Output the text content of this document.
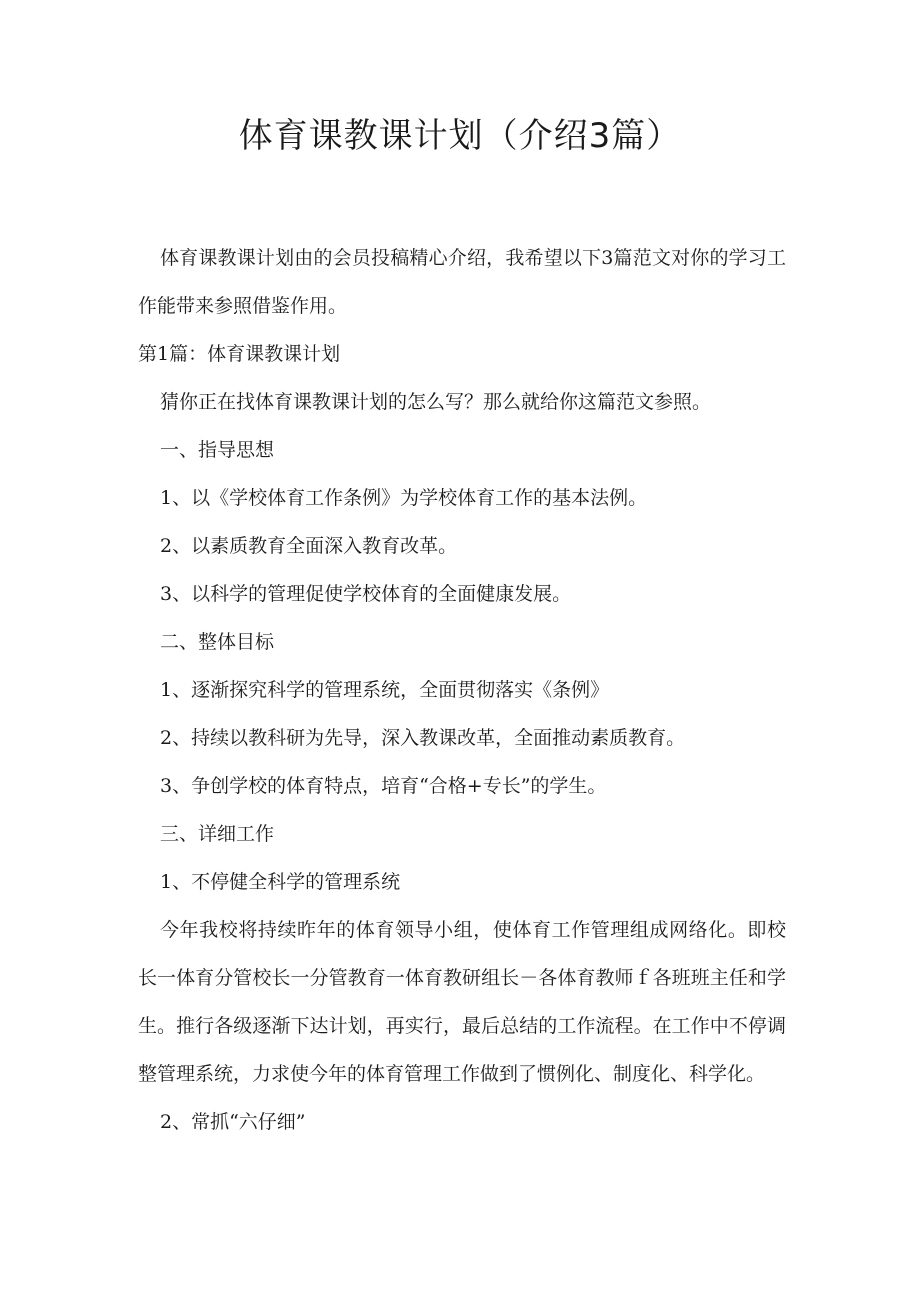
体育课教课计划（介绍3篇）

体育课教课计划由的会员投稿精心介绍，我希望以下3篇范文对你的学习工作能带来参照借鉴作用。

第1篇：体育课教课计划

猜你正在找体育课教课计划的怎么写？那么就给你这篇范文参照。

一、指导思想

1、以《学校体育工作条例》为学校体育工作的基本法例。

2、以素质教育全面深入教育改革。

3、以科学的管理促使学校体育的全面健康发展。

二、整体目标

1、逐渐探究科学的管理系统，全面贯彻落实《条例》

2、持续以教科研为先导，深入教课改革，全面推动素质教育。

3、争创学校的体育特点，培育“合格+专长”的学生。

三、详细工作

1、不停健全科学的管理系统

今年我校将持续昨年的体育领导小组，使体育工作管理组成网络化。即校长一体育分管校长一分管教育一体育教研组长－各体育教师ｆ各班班主任和学生。推行各级逐渐下达计划，再实行，最后总结的工作流程。在工作中不停调整管理系统，力求使今年的体育管理工作做到了惯例化、制度化、科学化。

2、常抓“六仔细”
